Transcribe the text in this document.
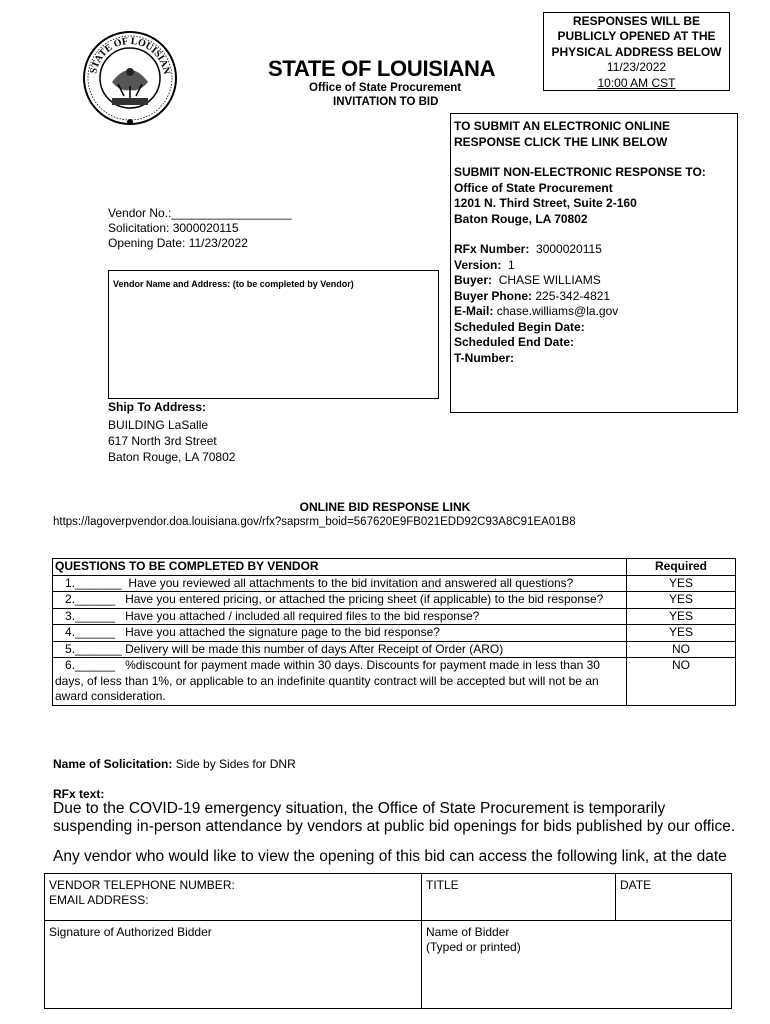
STATE OF LOUISIAN	STATE OF LOUISIANA
Office of State Procurement
INVITATION TO BID
RESPONSES WILL BE
PUBLICLY OPENED AT THE
PHYSICAL ADDRESS BELOW
11/23/2022
10:00 AM CST
TO SUBMIT AN ELECTRONIC ONLINE
RESPONSE CLICK THE LINK BELOW
SUBMIT NON-ELECTRONIC RESPONSE TO:
Office of State Procurement
1201 N. Third Street, Suite 2-160
Baton Rouge, LA 70802
RFx Number: 3000020115
Version: 1
Buyer: CHASE WILLIAMS
Buyer Phone: 225-342-4821
E-Mail: chase.williams@la.gov
Scheduled Begin Date:
Scheduled End Date:
T-Number:
Vendor No.:__________________
Solicitation: 3000020115
Opening Date: 11/23/2022
Vendor Name and Address: (to be completed by Vendor)
Ship To Address:
BUILDING LaSalle
617 North 3rd Street
Baton Rouge, LA 70802
ONLINE BID RESPONSE LINK
https://lagoverpvendor.doa.louisiana.gov/rfx?sapsrm_boid=567620E9FB021EDD92C93A8C91EA01B8
QUESTIONS TO BE COMPLETED BY VENDOR	Required
1._______  Have you reviewed all attachments to the bid invitation and answered all questions?	YES
2.______   Have you entered pricing, or attached the pricing sheet (if applicable) to the bid response?	YES
3.______   Have you attached / included all required files to the bid response?	YES
4.______   Have you attached the signature page to the bid response?	YES
5._______ Delivery will be made this number of days After Receipt of Order (ARO)	NO
6.______   %discount for payment made within 30 days. Discounts for payment made in less than 30 days, of less than 1%, or applicable to an indefinite quantity contract will be accepted but will not be an award consideration.	NO
Name of Solicitation: Side by Sides for DNR
RFx text:
Due to the COVID-19 emergency situation, the Office of State Procurement is temporarily suspending in-person attendance by vendors at public bid openings for bids published by our office.
Any vendor who would like to view the opening of this bid can access the following link, at the date
VENDOR TELEPHONE NUMBER:
EMAIL ADDRESS:	TITLE	DATE

Signature of Authorized Bidder	Name of Bidder
(Typed or printed)	
